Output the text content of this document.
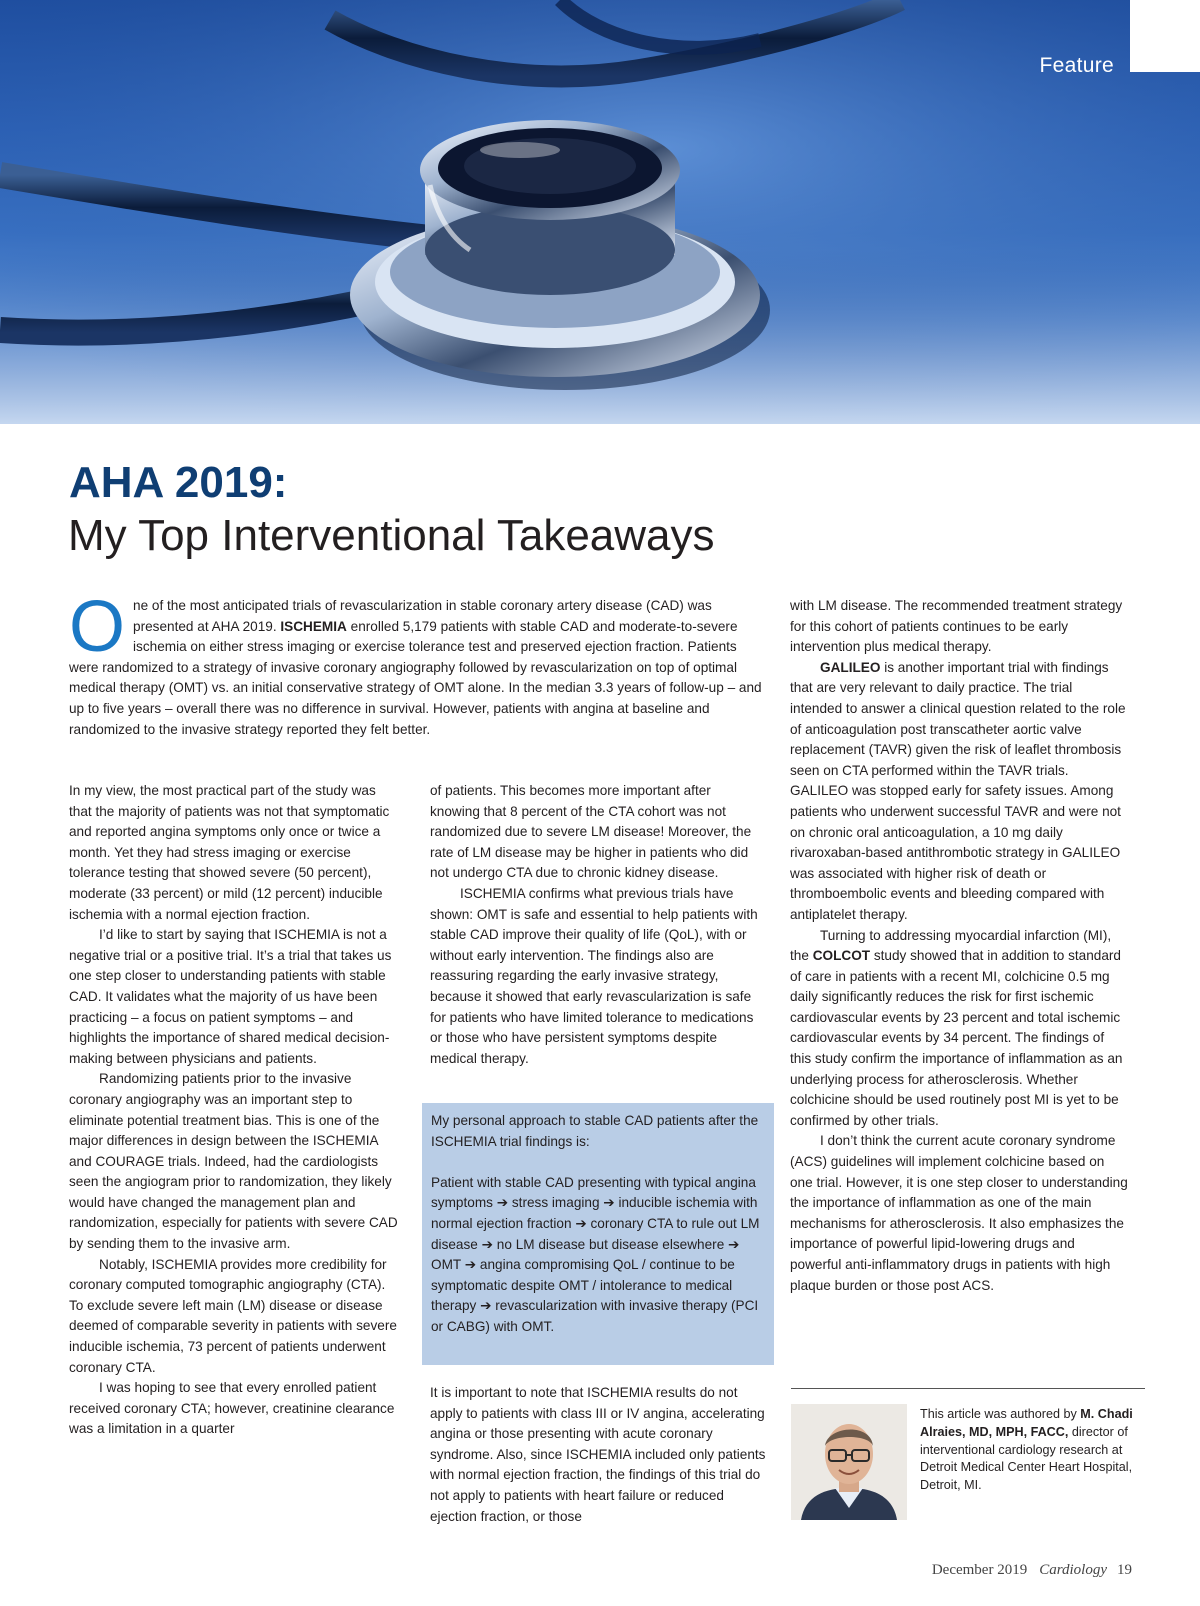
Feature
AHA 2019:
My Top Interventional Takeaways
O ne of the most anticipated trials of revascularization in stable coronary artery disease (CAD) was presented at AHA 2019. ISCHEMIA enrolled 5,179 patients with stable CAD and moderate-to-severe ischemia on either stress imaging or exercise tolerance test and preserved ejection fraction. Patients were randomized to a strategy of invasive coronary angiography followed by revascularization on top of optimal medical therapy (OMT) vs. an initial conservative strategy of OMT alone. In the median 3.3 years of follow-up – and up to five years – overall there was no difference in survival. However, patients with angina at baseline and randomized to the invasive strategy reported they felt better.

In my view, the most practical part of the study was that the majority of patients was not that symptomatic and reported angina symptoms only once or twice a month. Yet they had stress imaging or exercise tolerance testing that showed severe (50 percent), moderate (33 percent) or mild (12 percent) inducible ischemia with a normal ejection fraction.

I’d like to start by saying that ISCHEMIA is not a negative trial or a positive trial. It’s a trial that takes us one step closer to understanding patients with stable CAD. It validates what the majority of us have been practicing – a focus on patient symptoms – and highlights the importance of shared medical decision-making between physicians and patients.

Randomizing patients prior to the invasive coronary angiography was an important step to eliminate potential treatment bias. This is one of the major differences in design between the ISCHEMIA and COURAGE trials. Indeed, had the cardiologists seen the angiogram prior to randomization, they likely would have changed the management plan and randomization, especially for patients with severe CAD by sending them to the invasive arm.

Notably, ISCHEMIA provides more credibility for coronary computed tomographic angiography (CTA). To exclude severe left main (LM) disease or disease deemed of comparable severity in patients with severe inducible ischemia, 73 percent of patients underwent coronary CTA.

I was hoping to see that every enrolled patient received coronary CTA; however, creatinine clearance was a limitation in a quarter

of patients. This becomes more important after knowing that 8 percent of the CTA cohort was not randomized due to severe LM disease! Moreover, the rate of LM disease may be higher in patients who did not undergo CTA due to chronic kidney disease.

ISCHEMIA confirms what previous trials have shown: OMT is safe and essential to help patients with stable CAD improve their quality of life (QoL), with or without early intervention. The findings also are reassuring regarding the early invasive strategy, because it showed that early revascularization is safe for patients who have limited tolerance to medications or those who have persistent symptoms despite medical therapy.

My personal approach to stable CAD patients after the ISCHEMIA trial findings is:

Patient with stable CAD presenting with typical angina symptoms ➔ stress imaging ➔ inducible ischemia with normal ejection fraction ➔ coronary CTA to rule out LM disease ➔ no LM disease but disease elsewhere ➔ OMT ➔ angina compromising QoL / continue to be symptomatic despite OMT / intolerance to medical therapy ➔ revascularization with invasive therapy (PCI or CABG) with OMT.

It is important to note that ISCHEMIA results do not apply to patients with class III or IV angina, accelerating angina or those presenting with acute coronary syndrome. Also, since ISCHEMIA included only patients with normal ejection fraction, the findings of this trial do not apply to patients with heart failure or reduced ejection fraction, or those

with LM disease. The recommended treatment strategy for this cohort of patients continues to be early intervention plus medical therapy.

GALILEO is another important trial with findings that are very relevant to daily practice. The trial intended to answer a clinical question related to the role of anticoagulation post transcatheter aortic valve replacement (TAVR) given the risk of leaflet thrombosis seen on CTA performed within the TAVR trials. GALILEO was stopped early for safety issues. Among patients who underwent successful TAVR and were not on chronic oral anticoagulation, a 10 mg daily rivaroxaban-based antithrombotic strategy in GALILEO was associated with higher risk of death or thromboembolic events and bleeding compared with antiplatelet therapy.

Turning to addressing myocardial infarction (MI), the COLCOT study showed that in addition to standard of care in patients with a recent MI, colchicine 0.5 mg daily significantly reduces the risk for first ischemic cardiovascular events by 23 percent and total ischemic cardiovascular events by 34 percent. The findings of this study confirm the importance of inflammation as an underlying process for atherosclerosis. Whether colchicine should be used routinely post MI is yet to be confirmed by other trials.

I don’t think the current acute coronary syndrome (ACS) guidelines will implement colchicine based on one trial. However, it is one step closer to understanding the importance of inflammation as one of the main mechanisms for atherosclerosis. It also emphasizes the importance of powerful lipid-lowering drugs and powerful anti-inflammatory drugs in patients with high plaque burden or those post ACS.

This article was authored by M. Chadi Alraies, MD, MPH, FACC, director of interventional cardiology research at Detroit Medical Center Heart Hospital, Detroit, MI.

December 2019 Cardiology 19
